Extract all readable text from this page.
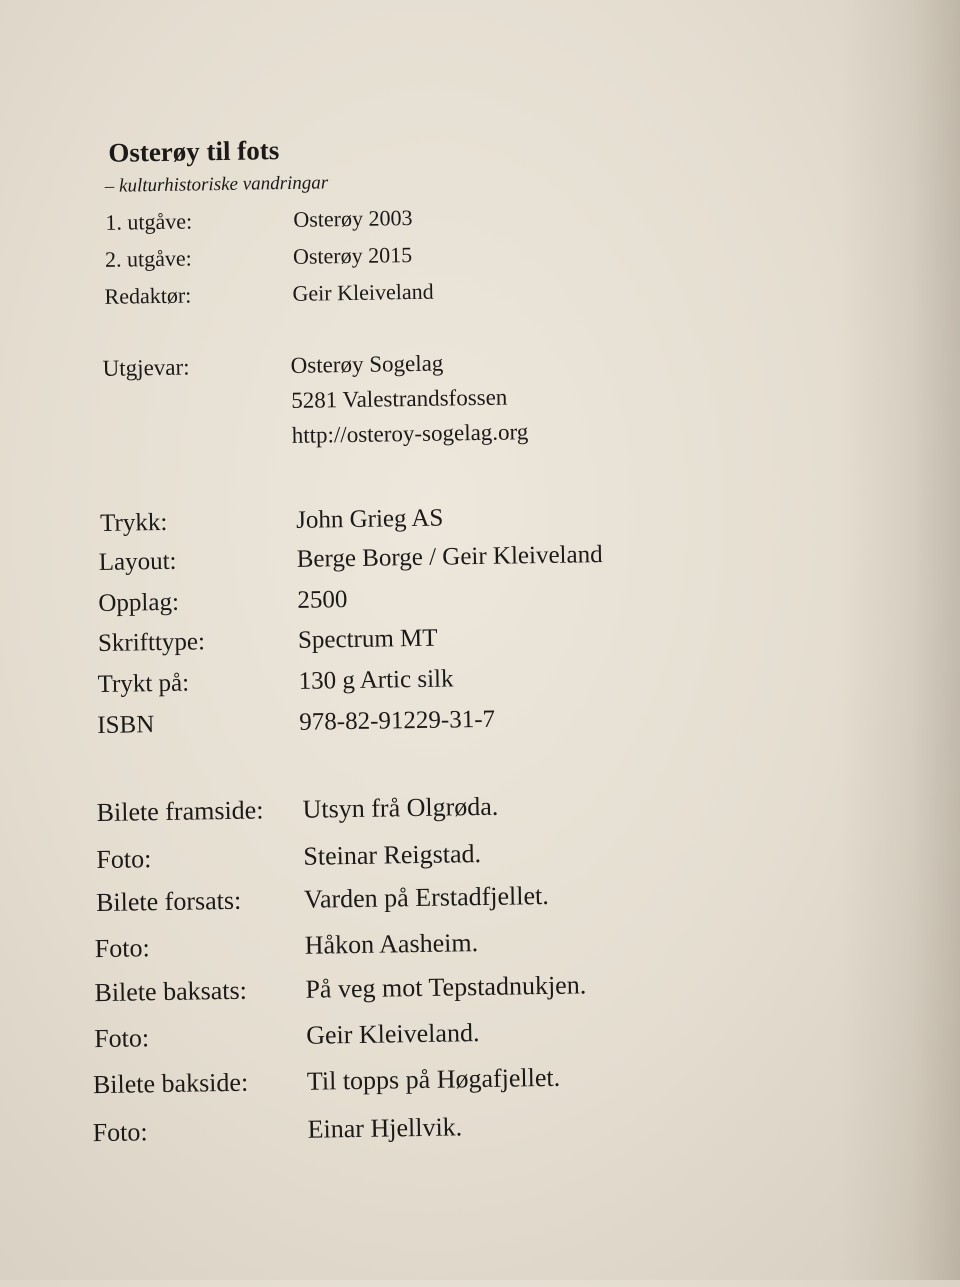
Osterøy til fots

– kulturhistoriske vandringar

1. utgåve:	Osterøy 2003
2. utgåve:	Osterøy 2015
Redaktør:	Geir Kleiveland
Utgjevar:	Osterøy Sogelag
5281 Valestrandsfossen
http://osteroy-sogelag.org
Trykk:	John Grieg AS
Layout:	Berge Borge / Geir Kleiveland
Opplag:	2500
Skrifttype:	Spectrum MT
Trykt på:	130 g Artic silk
ISBN	978-82-91229-31-7
Bilete framside: Utsyn frå Olgrøda.
Foto:	Steinar Reigstad.
Bilete forsats: Varden på Erstadfjellet.
Foto:	Håkon Aasheim.
Bilete baksats: På veg mot Tepstadnukjen.
Foto:	Geir Kleiveland.
Bilete bakside: Til topps på Høgafjellet.
Foto:	Einar Hjellvik.
